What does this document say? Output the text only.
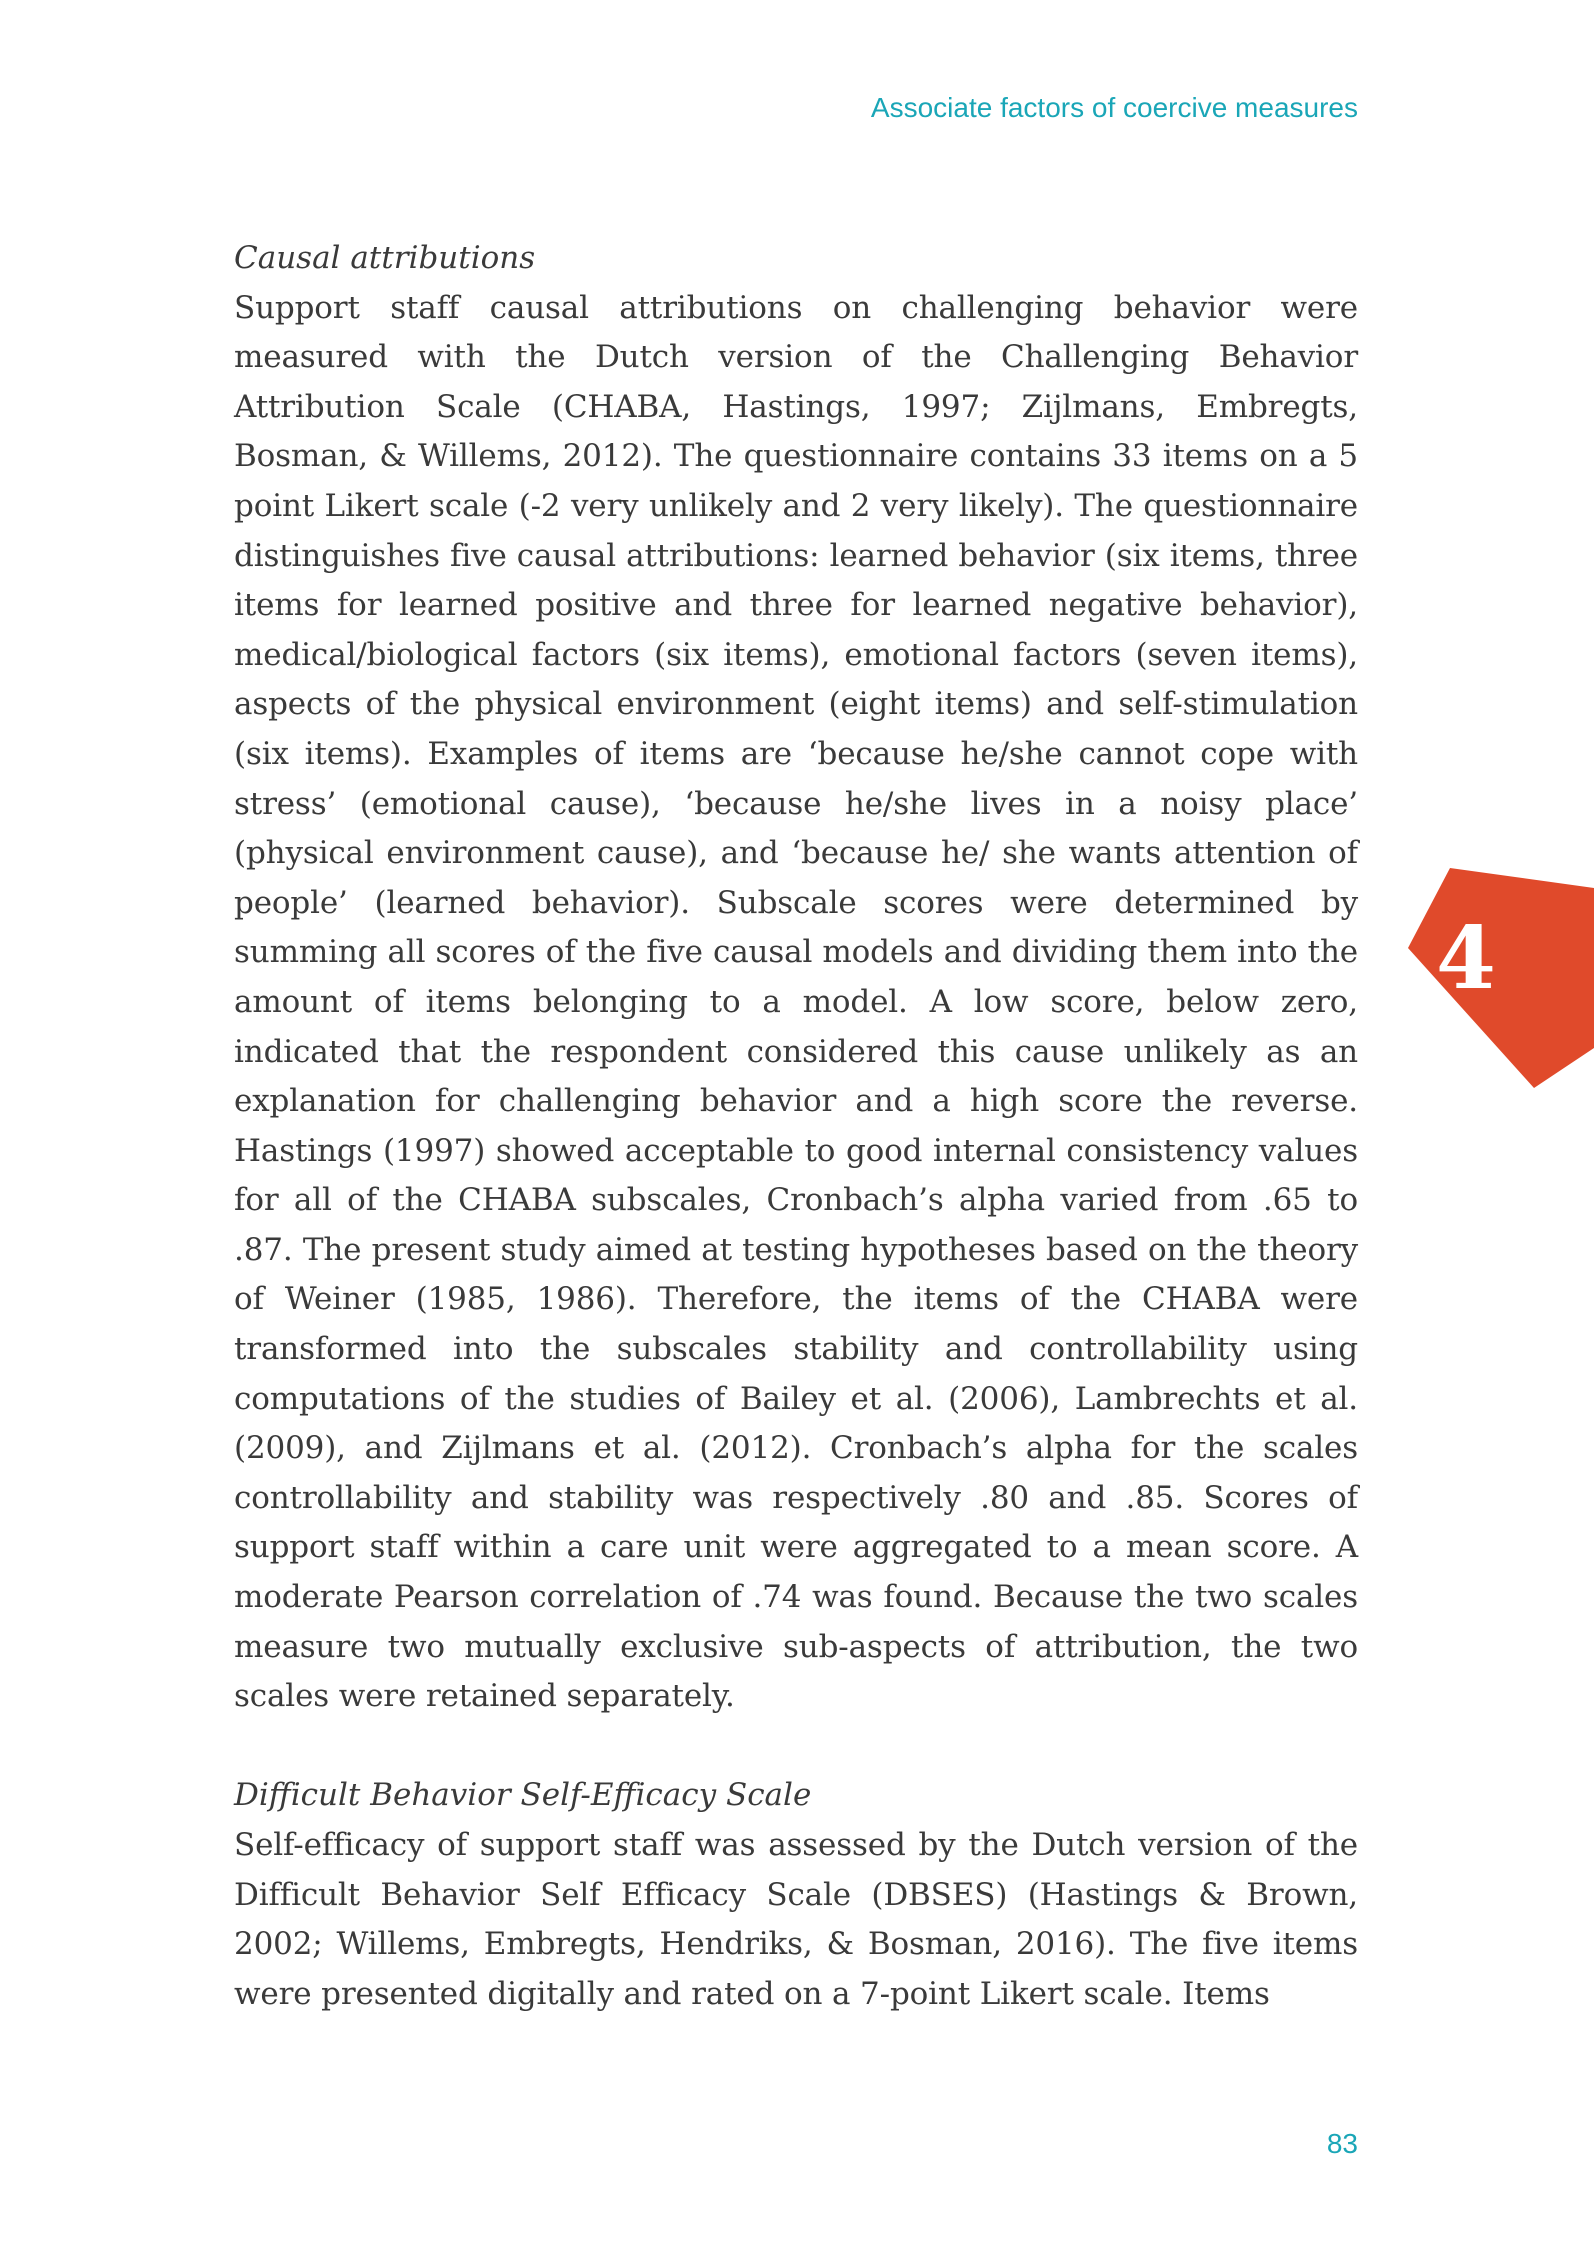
Associate factors of coercive measures

Causal attributions

Support staff causal attributions on challenging behavior were measured with the Dutch version of the Challenging Behavior Attribution Scale (CHABA, Hastings, 1997; Zijlmans, Embregts, Bosman, & Willems, 2012). The questionnaire contains 33 items on a 5 point Likert scale (-2 very unlikely and 2 very likely). The questionnaire distinguishes five causal attributions: learned behavior (six items, three items for learned positive and three for learned negative behavior), medical/biological factors (six items), emotional factors (seven items), aspects of the physical environment (eight items) and self-stimulation (six items). Examples of items are ‘because he/she cannot cope with stress’ (emotional cause), ‘because he/she lives in a noisy place’ (physical environment cause), and ‘because he/ she wants attention of people’ (learned behavior). Subscale scores were determined by summing all scores of the five causal models and dividing them into the amount of items belonging to a model. A low score, below zero, indicated that the respondent considered this cause unlikely as an explanation for challenging behavior and a high score the reverse. Hastings (1997) showed acceptable to good internal consistency values for all of the CHABA subscales, Cronbach’s alpha varied from .65 to .87. The present study aimed at testing hypotheses based on the theory of Weiner (1985, 1986). Therefore, the items of the CHABA were transformed into the subscales stability and controllability using computations of the studies of Bailey et al. (2006), Lambrechts et al. (2009), and Zijlmans et al. (2012). Cronbach’s alpha for the scales controllability and stability was respectively .80 and .85. Scores of support staff within a care unit were aggregated to a mean score. A moderate Pearson correlation of .74 was found. Because the two scales measure two mutually exclusive sub-aspects of attribution, the two scales were retained separately.

Difficult Behavior Self-Efficacy Scale

Self-efficacy of support staff was assessed by the Dutch version of the Difficult Behavior Self Efficacy Scale (DBSES) (Hastings & Brown, 2002; Willems, Embregts, Hendriks, & Bosman, 2016). The five items were presented digitally and rated on a 7-point Likert scale. Items

4
83
